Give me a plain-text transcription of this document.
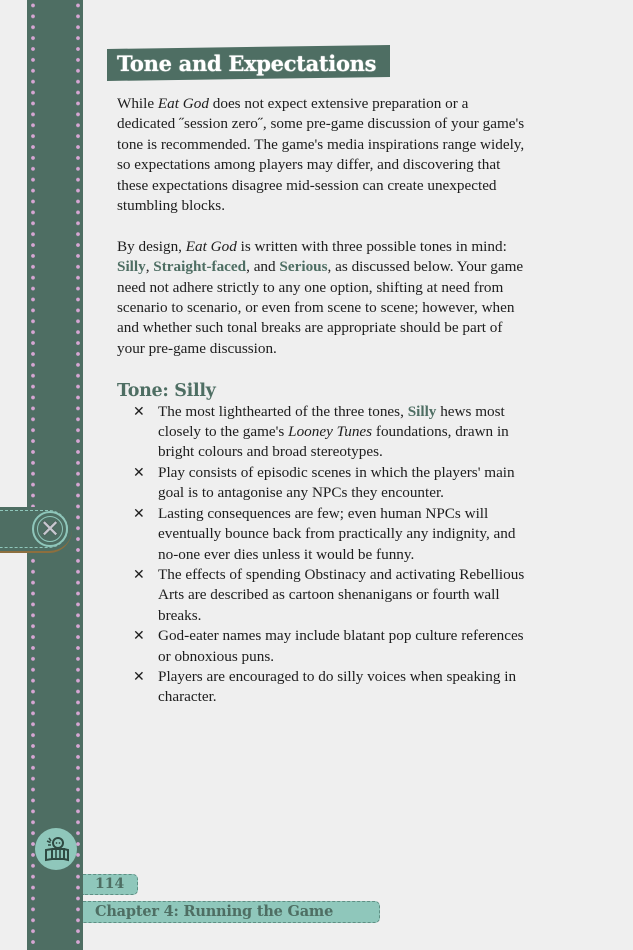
✕
Tone and Expectations

While Eat God does not expect extensive preparation or a dedicated ˝session zero˝, some pre-game discussion of your game's tone is recommended. The game's media inspirations range widely, so expectations among players may differ, and discovering that these expectations disagree mid-session can create unexpected stumbling blocks.

By design, Eat God is written with three possible tones in mind: Silly, Straight-faced, and Serious, as discussed below. Your game need not adhere strictly to any one option, shifting at need from scenario to scenario, or even from scene to scene; however, when and whether such tonal breaks are appropriate should be part of your pre-game discussion.

Tone: Silly
✕ The most lighthearted of the three tones, Silly hews most closely to the game's Looney Tunes foundations, drawn in bright colours and broad stereotypes.
✕ Play consists of episodic scenes in which the players' main goal is to antagonise any NPCs they encounter.
✕ Lasting consequences are few; even human NPCs will eventually bounce back from practically any indignity, and no-one ever dies unless it would be funny.
✕ The effects of spending Obstinacy and activating Rebellious Arts are described as cartoon shenanigans or fourth wall breaks.
✕ God-eater names may include blatant pop culture references or obnoxious puns.
✕ Players are encouraged to do silly voices when speaking in character.
114
Chapter 4: Running the Game
